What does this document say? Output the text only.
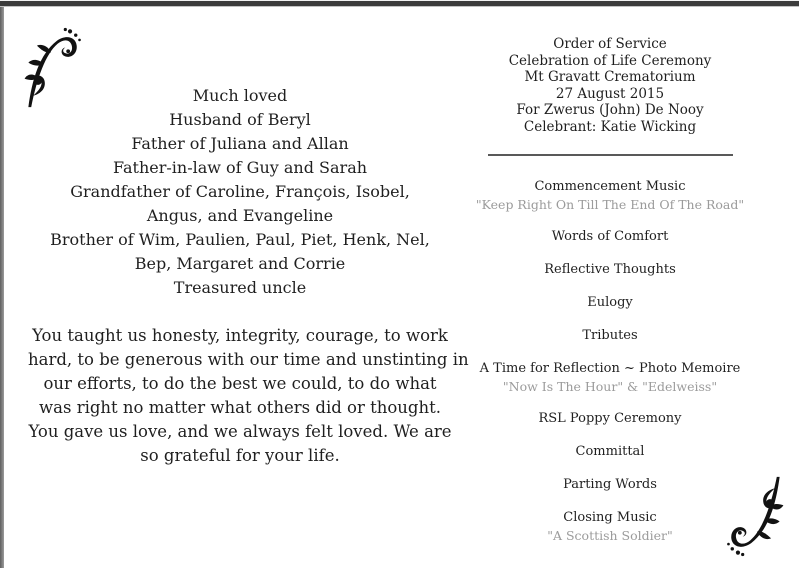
Much loved
Husband of Beryl
Father of Juliana and Allan
Father-in-law of Guy and Sarah
Grandfather of Caroline, François, Isobel,
Angus, and Evangeline
Brother of Wim, Paulien, Paul, Piet, Henk, Nel,
Bep, Margaret and Corrie
Treasured uncle
You taught us honesty, integrity, courage, to work
hard, to be generous with our time and unstinting in
our efforts, to do the best we could, to do what
was right no matter what others did or thought.
You gave us love, and we always felt loved. We are
so grateful for your life.
Order of Service
Celebration of Life Ceremony
Mt Gravatt Crematorium
27 August 2015
For Zwerus (John) De Nooy
Celebrant: Katie Wicking
Commencement Music
"Keep Right On Till The End Of The Road"
Words of Comfort
Reflective Thoughts
Eulogy
Tributes
A Time for Reflection ~ Photo Memoire
"Now Is The Hour" & "Edelweiss"
RSL Poppy Ceremony
Committal
Parting Words
Closing Music
"A Scottish Soldier"
